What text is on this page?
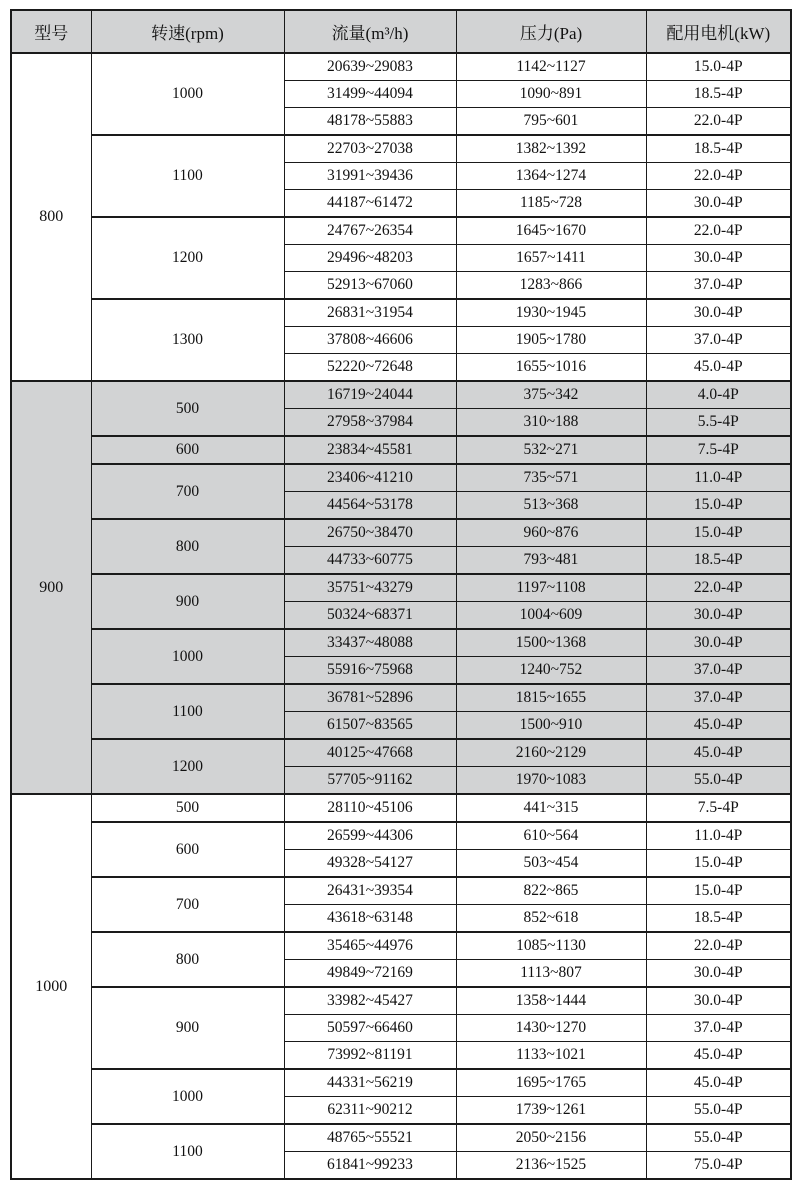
型号	转速(rpm)	流量(m³/h)	压力(Pa)	配用电机(kW)
800	1000	20639~29083	1142~1127	15.0-4P
		31499~44094	1090~891	18.5-4P
		48178~55883	795~601	22.0-4P
	1100	22703~27038	1382~1392	18.5-4P
		31991~39436	1364~1274	22.0-4P
		44187~61472	1185~728	30.0-4P
	1200	24767~26354	1645~1670	22.0-4P
		29496~48203	1657~1411	30.0-4P
		52913~67060	1283~866	37.0-4P
	1300	26831~31954	1930~1945	30.0-4P
		37808~46606	1905~1780	37.0-4P
		52220~72648	1655~1016	45.0-4P
900	500	16719~24044	375~342	4.0-4P
		27958~37984	310~188	5.5-4P
	600	23834~45581	532~271	7.5-4P
	700	23406~41210	735~571	11.0-4P
		44564~53178	513~368	15.0-4P
	800	26750~38470	960~876	15.0-4P
		44733~60775	793~481	18.5-4P
	900	35751~43279	1197~1108	22.0-4P
		50324~68371	1004~609	30.0-4P
	1000	33437~48088	1500~1368	30.0-4P
		55916~75968	1240~752	37.0-4P
	1100	36781~52896	1815~1655	37.0-4P
		61507~83565	1500~910	45.0-4P
	1200	40125~47668	2160~2129	45.0-4P
		57705~91162	1970~1083	55.0-4P
1000	500	28110~45106	441~315	7.5-4P
	600	26599~44306	610~564	11.0-4P
		49328~54127	503~454	15.0-4P
	700	26431~39354	822~865	15.0-4P
		43618~63148	852~618	18.5-4P
	800	35465~44976	1085~1130	22.0-4P
		49849~72169	1113~807	30.0-4P
	900	33982~45427	1358~1444	30.0-4P
		50597~66460	1430~1270	37.0-4P
		73992~81191	1133~1021	45.0-4P
	1000	44331~56219	1695~1765	45.0-4P
		62311~90212	1739~1261	55.0-4P
	1100	48765~55521	2050~2156	55.0-4P
		61841~99233	2136~1525	75.0-4P
